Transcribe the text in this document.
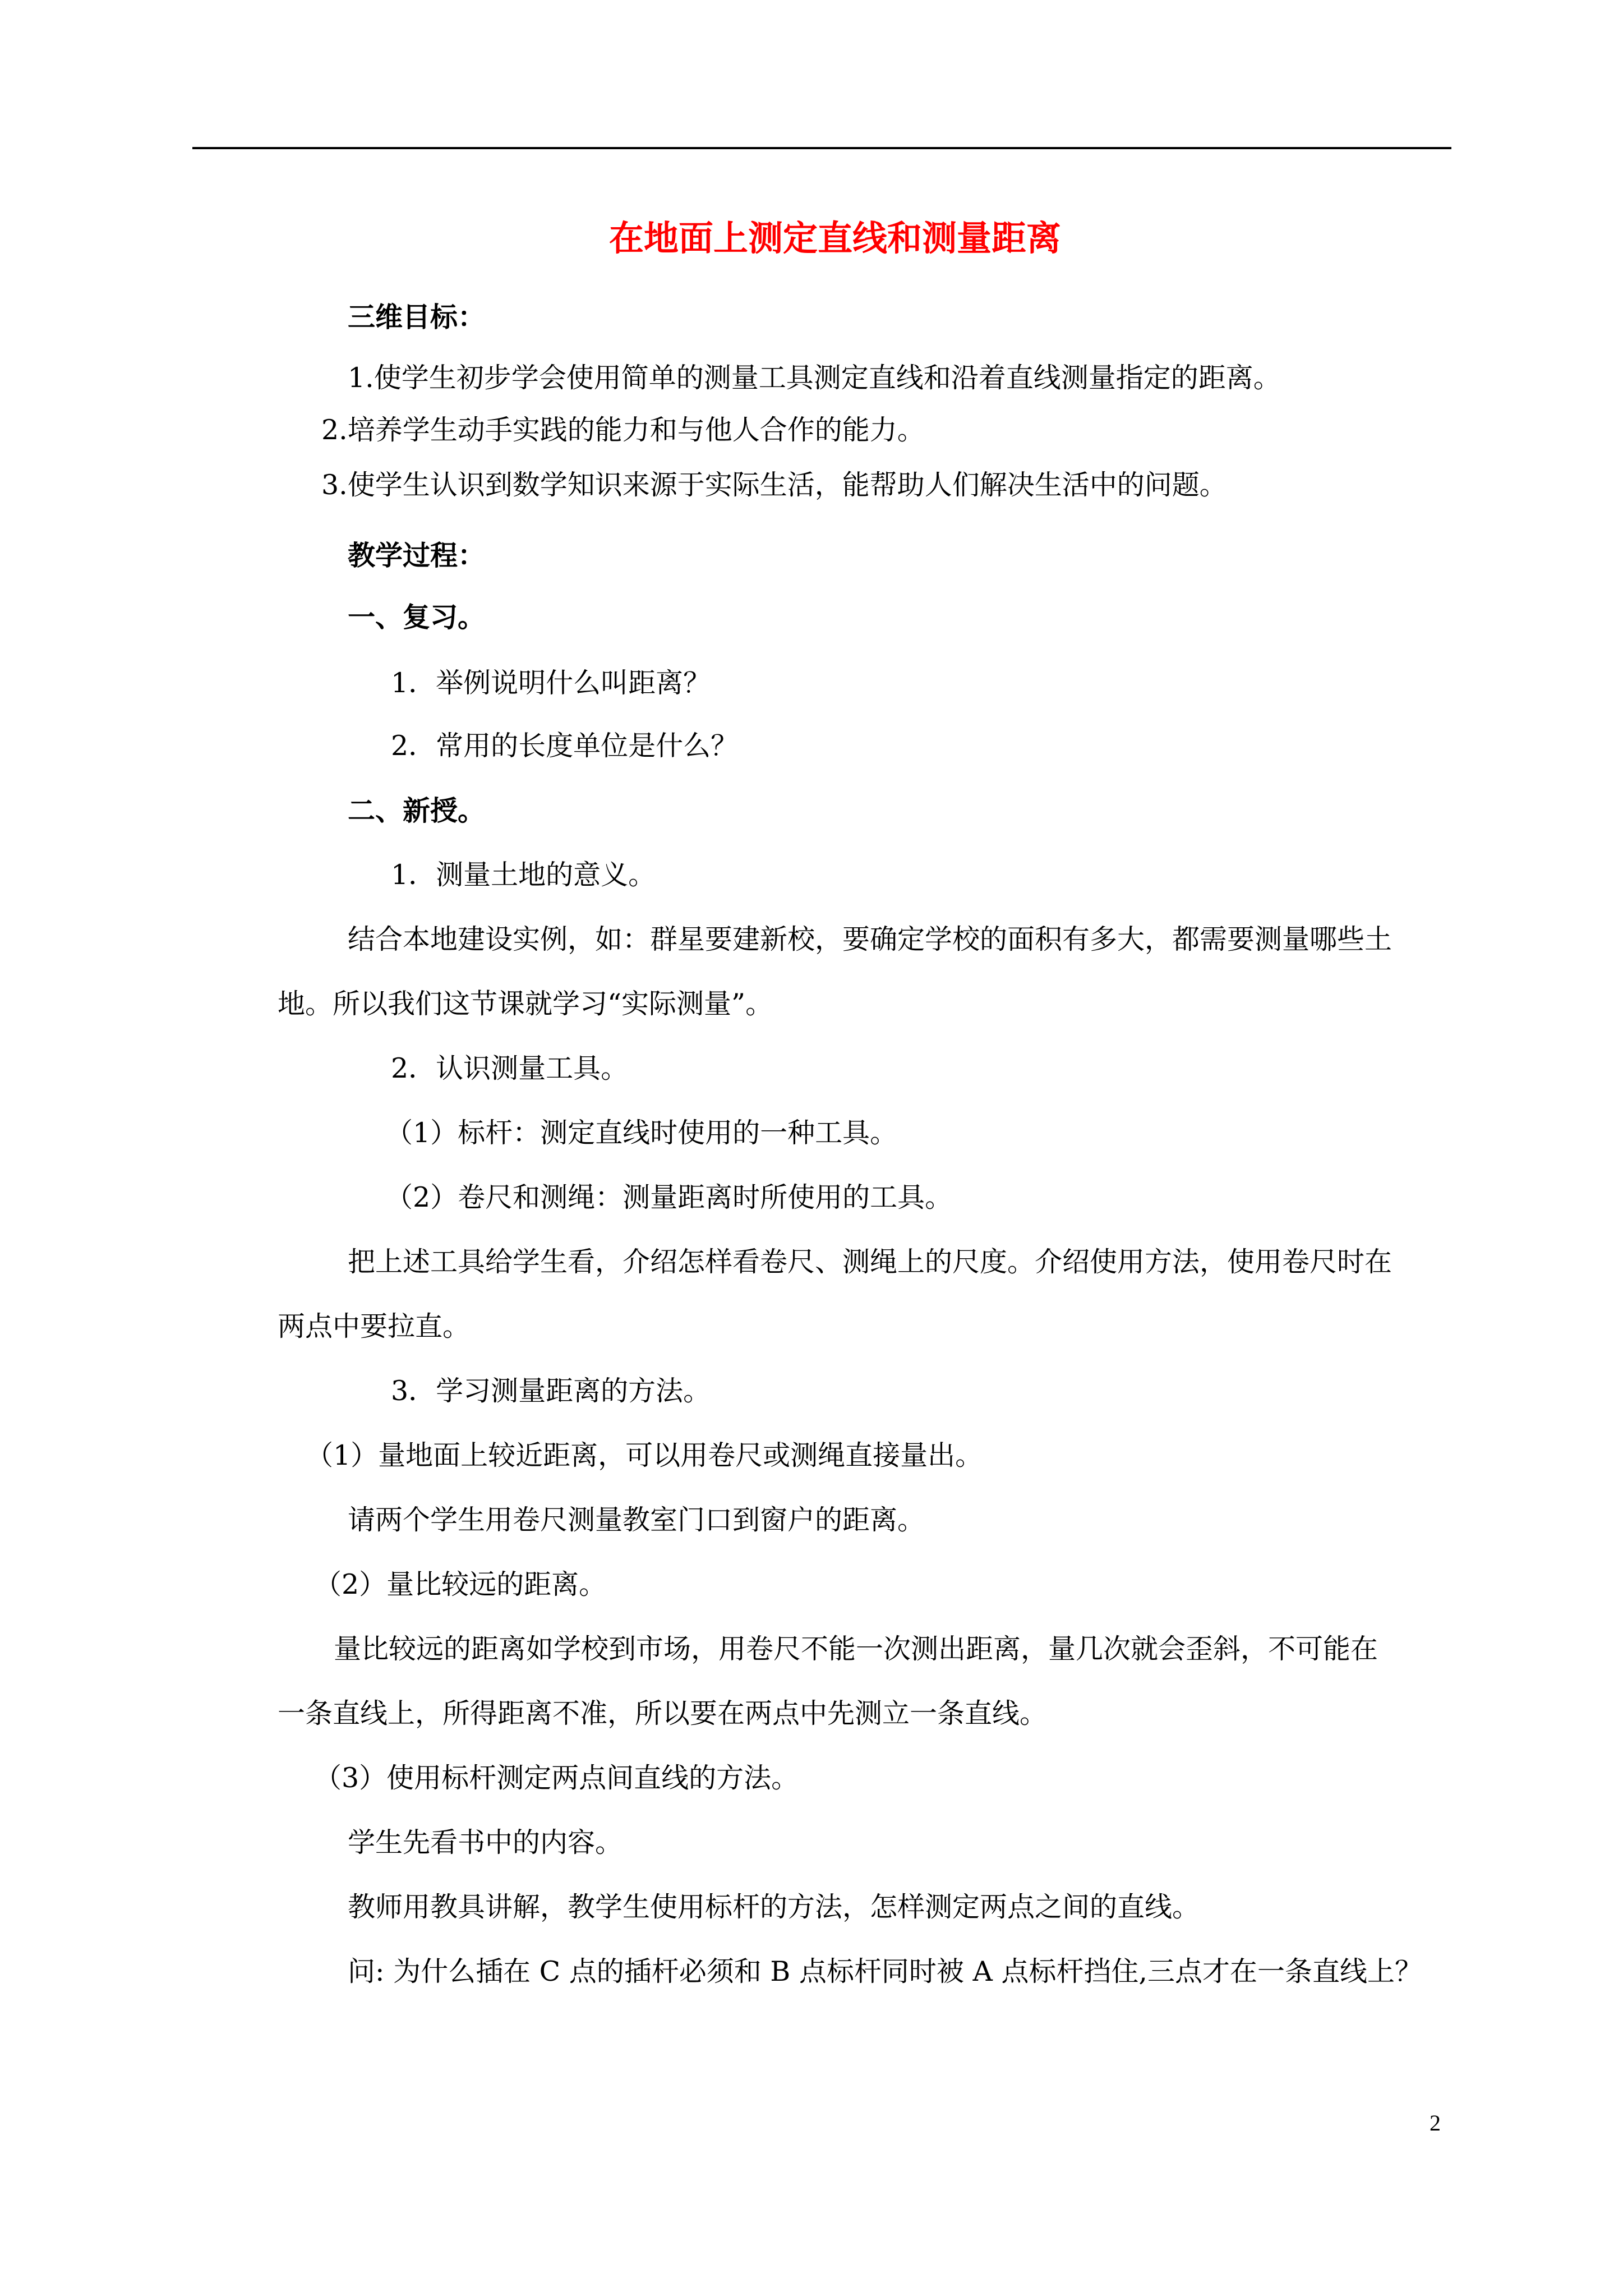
在地面上测定直线和测量距离
三维目标：
1.使学生初步学会使用简单的测量工具测定直线和沿着直线测量指定的距离。
2.培养学生动手实践的能力和与他人合作的能力。
3.使学生认识到数学知识来源于实际生活，能帮助人们解决生活中的问题。
教学过程：
一、复习。
1．举例说明什么叫距离？
2．常用的长度单位是什么？
二、新授。
1．测量土地的意义。
结合本地建设实例，如：群星要建新校，要确定学校的面积有多大，都需要测量哪些土
地。所以我们这节课就学习“实际测量”。
2．认识测量工具。
（1）标杆：测定直线时使用的一种工具。
（2）卷尺和测绳：测量距离时所使用的工具。
把上述工具给学生看，介绍怎样看卷尺、测绳上的尺度。介绍使用方法，使用卷尺时在
两点中要拉直。
3．学习测量距离的方法。
（1）量地面上较近距离，可以用卷尺或测绳直接量出。
请两个学生用卷尺测量教室门口到窗户的距离。
（2）量比较远的距离。
量比较远的距离如学校到市场，用卷尺不能一次测出距离，量几次就会歪斜，不可能在
一条直线上，所得距离不准，所以要在两点中先测立一条直线。
（3）使用标杆测定两点间直线的方法。
学生先看书中的内容。
教师用教具讲解，教学生使用标杆的方法，怎样测定两点之间的直线。
问: 为什么插在 C 点的插杆必须和 B 点标杆同时被 A 点标杆挡住,三点才在一条直线上？
2
